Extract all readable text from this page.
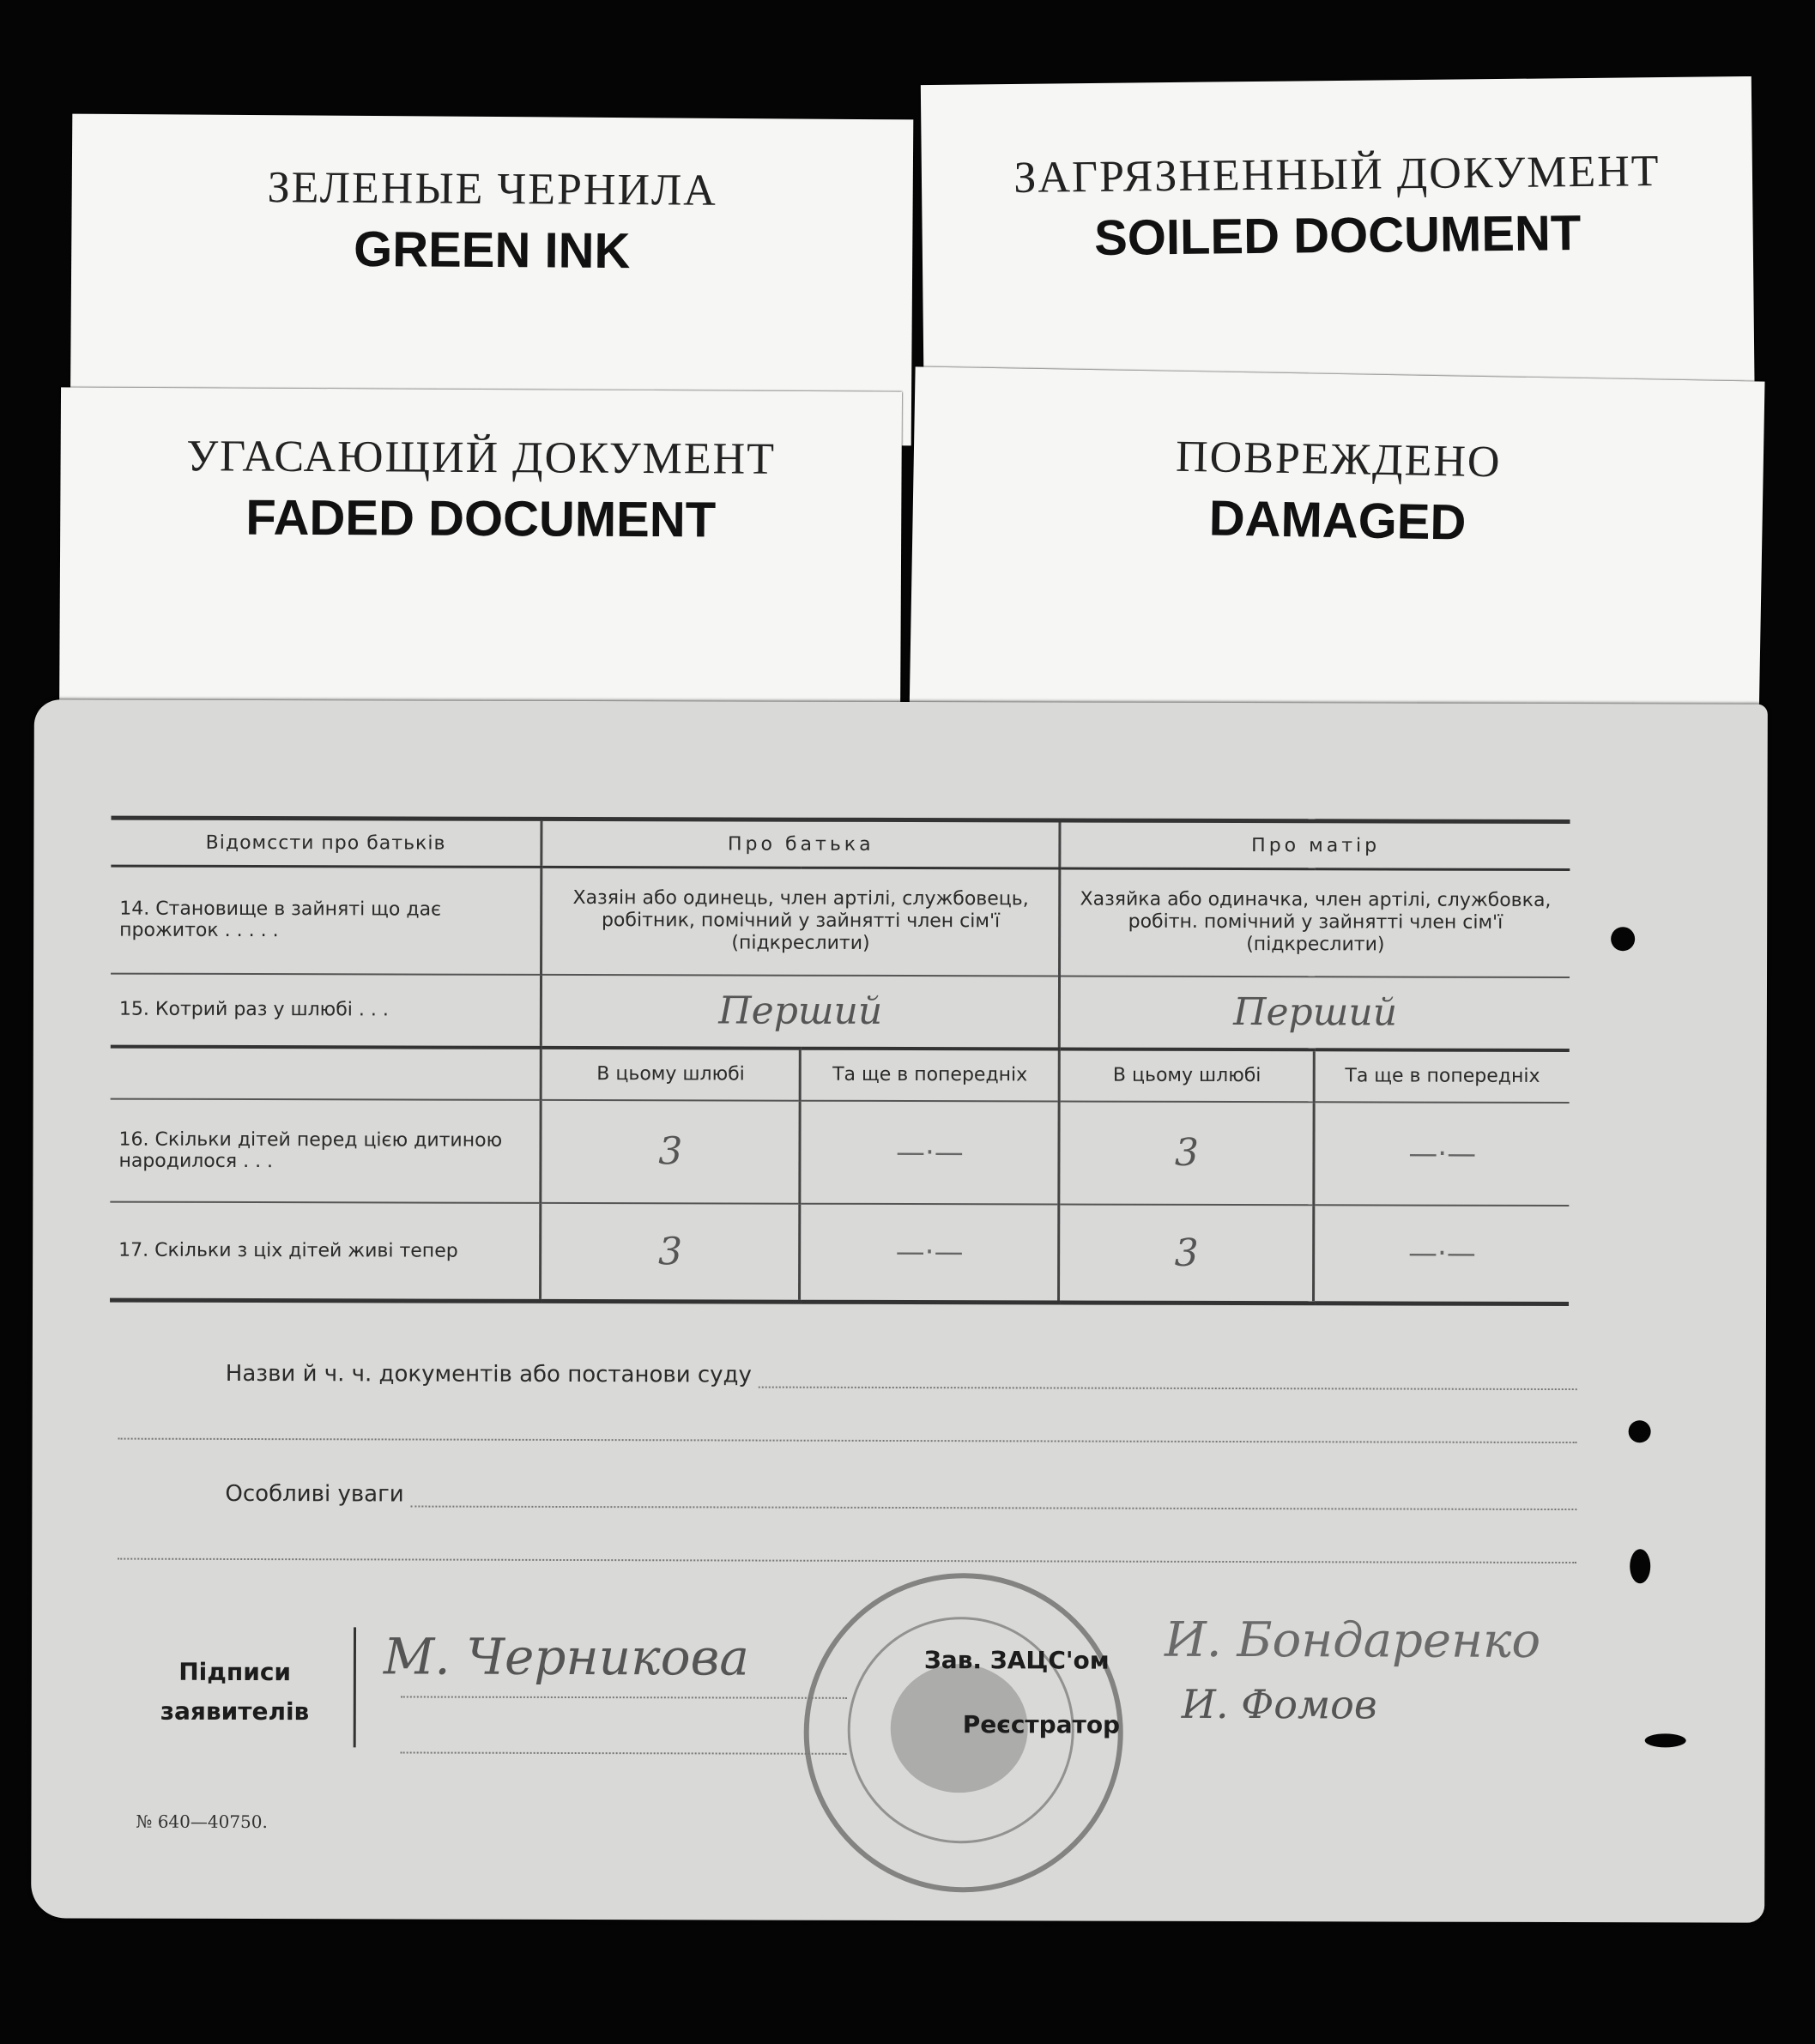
ЗЕЛЕНЫЕ ЧЕРНИЛА
GREEN INK
ЗАГРЯЗНЕННЫЙ ДОКУМЕНТ
SOILED DOCUMENT
УГАСАЮЩИЙ ДОКУМЕНТ
FADED DOCUMENT
ПОВРЕЖДЕНО
DAMAGED
Відомссти про батьків	Про батька		Про матір	
14. Становище в зайняті що дає прожиток . . . . .	Хазяін або одинець, член артілі, службовець, робітник, помічний у зайнятті член сім'ї (підкреслити)		Хазяйка або одиначка, член артілі, службовка, робітн. помічний у зайнятті член сім'ї (підкреслити)	
15. Котрий раз у шлюбі . . .	Перший		Перший	
	В цьому шлюбі	Та ще в попередніх	В цьому шлюбі	Та ще в попередніх
16. Скільки дітей перед цією дитиною народилося . . .	3	—·—	3	—·—
17. Скільки з ціх дітей живі тепер	3	—·—	3	—·—
Назви й ч. ч. документів або постанови суду
Особливі уваги
Підписи
заявителів
М. Черникова	Зав. ЗАЦС'ом
Реєстратор
И. Бондаренко
И. Фомов
№ 640—40750.
